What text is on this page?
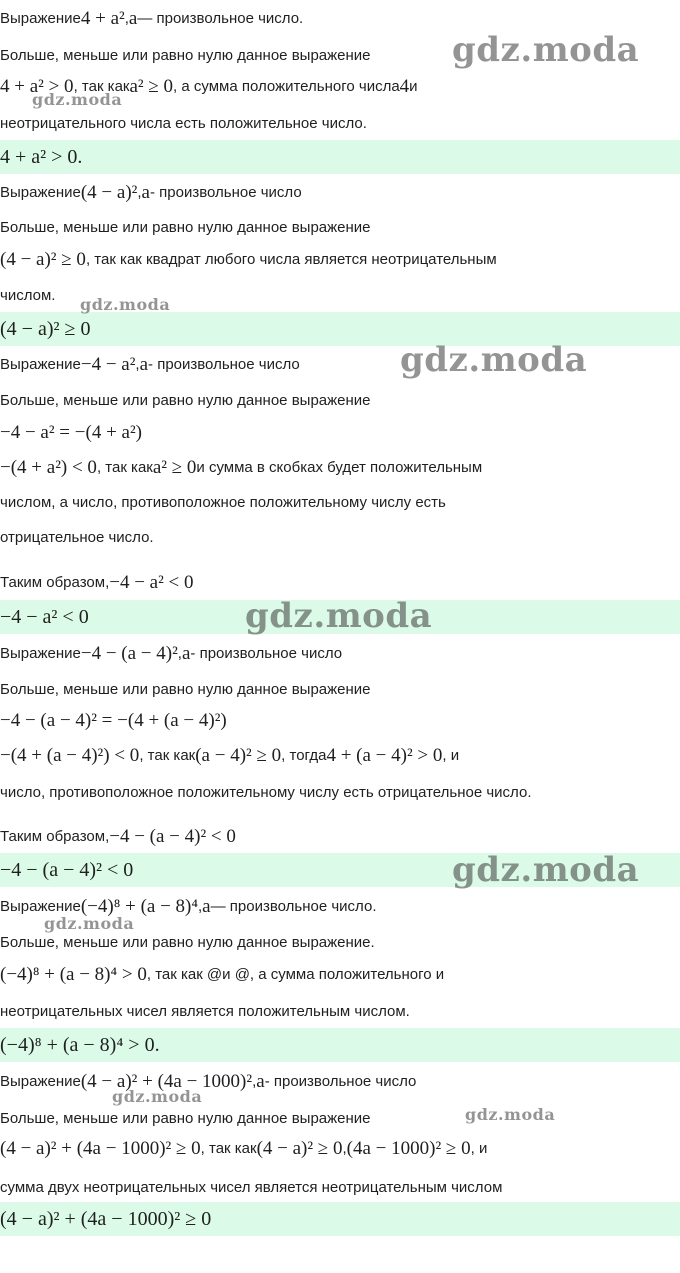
Выражение 4 + a² , a — произвольное число.
Больше, меньше или равно нулю данное выражение
4 + a² > 0 , так как a² ≥ 0 , а сумма положительного числа 4 и
неотрицательного числа есть положительное число.
4 + a² > 0.
Выражение (4 − a)² , a - произвольное число
Больше, меньше или равно нулю данное выражение
(4 − a)² ≥ 0 , так как квадрат любого числа является неотрицательным
числом.
(4 − a)² ≥ 0
Выражение −4 − a² , a - произвольное число
Больше, меньше или равно нулю данное выражение
−4 − a² = −(4 + a²)
−(4 + a²) < 0 , так как a² ≥ 0 и сумма в скобках будет положительным
числом, а число, противоположное положительному числу есть
отрицательное число.
Таким образом, −4 − a² < 0
−4 − a² < 0
Выражение −4 − (a − 4)² , a - произвольное число
Больше, меньше или равно нулю данное выражение
−4 − (a − 4)² = −(4 + (a − 4)²)
−(4 + (a − 4)²) < 0 , так как (a − 4)² ≥ 0 , тогда 4 + (a − 4)² > 0 , и
число, противоположное положительному числу есть отрицательное число.
Таким образом, −4 − (a − 4)² < 0
−4 − (a − 4)² < 0
Выражение (−4)⁸ + (a − 8)⁴ , a — произвольное число.
Больше, меньше или равно нулю данное выражение.
(−4)⁸ + (a − 8)⁴ > 0 , так как @и @, а сумма положительного и
неотрицательных чисел является положительным числом.
(−4)⁸ + (a − 8)⁴ > 0.
Выражение (4 − a)² + (4a − 1000)² , a - произвольное число
Больше, меньше или равно нулю данное выражение
(4 − a)² + (4a − 1000)² ≥ 0 , так как (4 − a)² ≥ 0 , (4a − 1000)² ≥ 0 , и
сумма двух неотрицательных чисел является неотрицательным числом
(4 − a)² + (4a − 1000)² ≥ 0
gdz.moda
gdz.moda
gdz.moda
gdz.moda
gdz.moda
gdz.moda
gdz.moda
gdz.moda
gdz.moda
